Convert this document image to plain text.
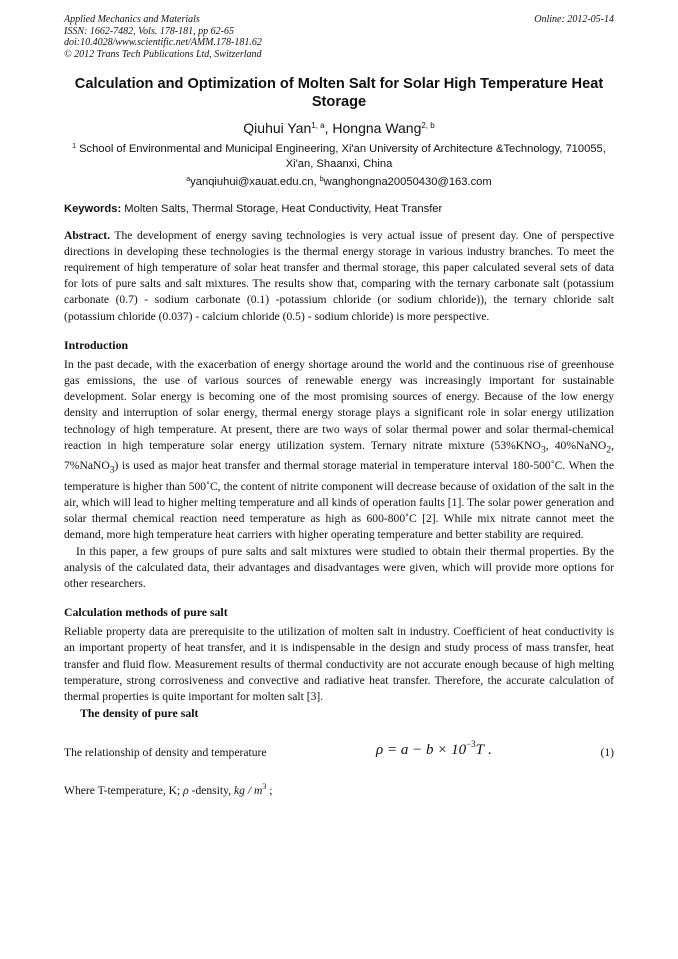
Applied Mechanics and Materials
ISSN: 1662-7482, Vols. 178-181, pp 62-65
doi:10.4028/www.scientific.net/AMM.178-181.62
© 2012 Trans Tech Publications Ltd, Switzerland
Online: 2012-05-14
Calculation and Optimization of Molten Salt for Solar High Temperature Heat Storage
Qiuhui Yan$^{1, a}$, Hongna Wang$^{2, b}$
$^1$ School of Environmental and Municipal Engineering, Xi'an University of Architecture &Technology, 710055, Xi'an, Shaanxi, China
$^a$yanqiuhui@xauat.edu.cn, $^b$wanghongna20050430@163.com
Keywords: Molten Salts, Thermal Storage, Heat Conductivity, Heat Transfer

Abstract. The development of energy saving technologies is very actual issue of present day. One of perspective directions in developing these technologies is the thermal energy storage in various industry branches. To meet the requirement of high temperature of solar heat transfer and thermal storage, this paper calculated several sets of data for lots of pure salts and salt mixtures. The results show that, comparing with the ternary carbonate salt (potassium carbonate (0.7) - sodium carbonate (0.1) -potassium chloride (or sodium chloride)), the ternary chloride salt (potassium chloride (0.037) - calcium chloride (0.5) - sodium chloride) is more perspective.

Introduction

In the past decade, with the exacerbation of energy shortage around the world and the continuous rise of greenhouse gas emissions, the use of various sources of renewable energy was increasingly important for sustainable development. Solar energy is becoming one of the most promising sources of energy. Because of the low energy density and interruption of solar energy, thermal energy storage plays a significant role in solar energy utilization technology of high temperature. At present, there are two ways of solar thermal power and solar thermal-chemical reaction in high temperature solar energy utilization system. Ternary nitrate mixture ($53\%KNO_3$, 40%NaNO$_2$, 7%NaNO$_3$) is used as major heat transfer and thermal storage material in temperature interval 180-500˚C. When the temperature is higher than 500˚C, the content of nitrite component will decrease because of oxidation of the salt in the air, which will lead to higher melting temperature and all kinds of operation faults [1]. The solar power generation and solar thermal chemical reaction need temperature as high as 600-800˚C [2]. While mix nitrate cannot meet the demand, more high temperature heat carriers with higher operating temperature and better stability are required.

In this paper, a few groups of pure salts and salt mixtures were studied to obtain their thermal properties. By the analysis of the calculated data, their advantages and disadvantages were given, which will provide more options for other researchers.

Calculation methods of pure salt

Reliable property data are prerequisite to the utilization of molten salt in industry. Coefficient of heat conductivity is an important property of heat transfer, and it is indispensable in the design and study process of mass transfer, heat transfer and fluid flow. Measurement results of thermal conductivity are not accurate enough because of high melting temperature, strong corrosiveness and convective and radiative heat transfer. Therefore, the accurate calculation of thermal properties is quite important for molten salt [3].

The density of pure salt
The relationship of density and temperature	$\rho = a - b \times 10^{-3}T$ .	(1)
Where T-temperature, K; ρ -density, kg / $m^3$ ;
